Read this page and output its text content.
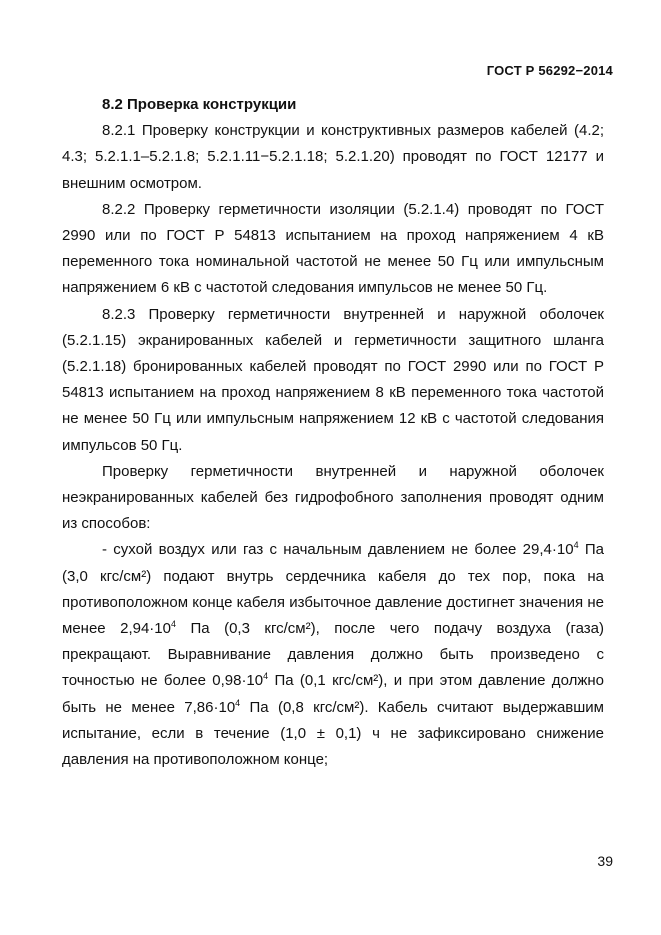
ГОСТ Р 56292−2014
8.2 Проверка конструкции

8.2.1 Проверку конструкции и конструктивных размеров кабелей (4.2; 4.3; 5.2.1.1–5.2.1.8; 5.2.1.11−5.2.1.18; 5.2.1.20) проводят по ГОСТ 12177 и внешним осмотром.

8.2.2 Проверку герметичности изоляции (5.2.1.4) проводят по ГОСТ 2990 или по ГОСТ Р 54813 испытанием на проход напряжением 4 кВ переменного тока номинальной частотой не менее 50 Гц или импульсным напряжением 6 кВ с частотой следования импульсов не менее 50 Гц.

8.2.3 Проверку герметичности внутренней и наружной оболочек (5.2.1.15) экранированных кабелей и герметичности защитного шланга (5.2.1.18) бронированных кабелей проводят по ГОСТ 2990 или по ГОСТ Р 54813 испытанием на проход напряжением 8 кВ переменного тока частотой не менее 50 Гц или импульсным напряжением 12 кВ с частотой следования импульсов 50 Гц.

Проверку герметичности внутренней и наружной оболочек неэкранированных кабелей без гидрофобного заполнения проводят одним из способов:

- сухой воздух или газ с начальным давлением не более $29,4\cdot 10^4$ Па (3,0 кгс/см²) подают внутрь сердечника кабеля до тех пор, пока на противоположном конце кабеля избыточное давление достигнет значения не менее $2,94\cdot 10^4$ Па (0,3 кгс/см²), после чего подачу воздуха (газа) прекращают. Выравнивание давления должно быть произведено с точностью не более $0,98\cdot 10^4$ Па (0,1 кгс/см²), и при этом давление должно быть не менее $7,86\cdot 10^4$ Па (0,8 кгс/см²). Кабель считают выдержавшим испытание, если в течение (1,0 ± 0,1) ч не зафиксировано снижение давления на противоположном конце;

39
